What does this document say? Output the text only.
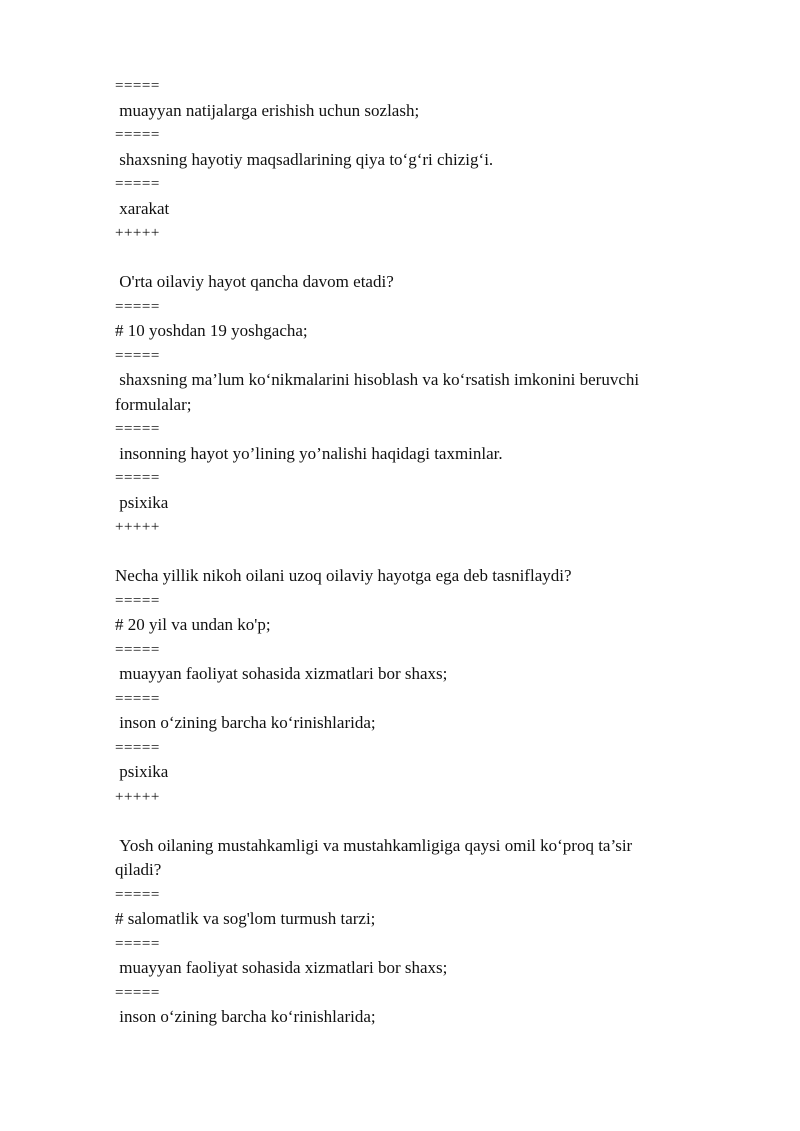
=====

muayyan natijalarga erishish uchun sozlash;

=====

shaxsning hayotiy maqsadlarining qiya to‘g‘ri chizig‘i.

=====

xarakat

+++++

O'rta oilaviy hayot qancha davom etadi?

=====

# 10 yoshdan 19 yoshgacha;

=====

shaxsning ma’lum ko‘nikmalarini hisoblash va ko‘rsatish imkonini beruvchi

formulalar;

=====

insonning hayot yo’lining yo’nalishi haqidagi taxminlar.

=====

psixika

+++++

Necha yillik nikoh oilani uzoq oilaviy hayotga ega deb tasniflaydi?

=====

# 20 yil va undan ko'p;

=====

muayyan faoliyat sohasida xizmatlari bor shaxs;

=====

inson o‘zining barcha ko‘rinishlarida;

=====

psixika

+++++

Yosh oilaning mustahkamligi va mustahkamligiga qaysi omil ko‘proq ta’sir

qiladi?

=====

# salomatlik va sog'lom turmush tarzi;

=====

muayyan faoliyat sohasida xizmatlari bor shaxs;

=====

inson o‘zining barcha ko‘rinishlarida;
